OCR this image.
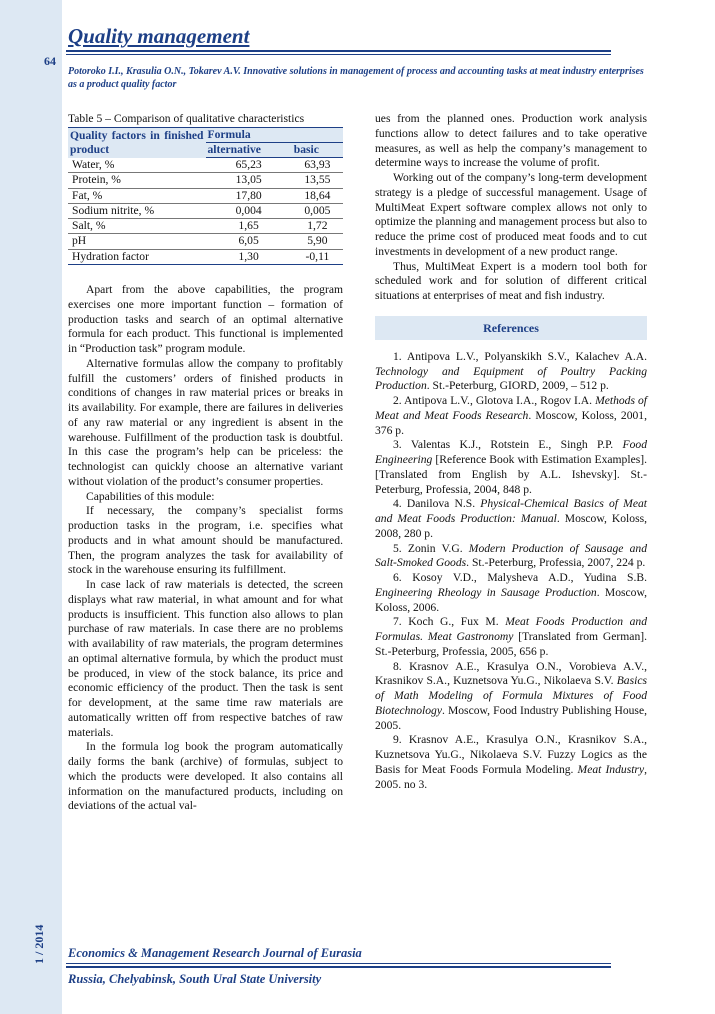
64
1 / 2014
Quality management
Potoroko I.I., Krasulia O.N., Tokarev A.V. Innovative solutions in management of process and accounting tasks at meat industry enterprises as a product quality factor

Table 5 – Comparison of qualitative characteristics

Quality factors in finished product	Formula	
	alternative	basic
Water, %	65,23	63,93
Protein, %	13,05	13,55
Fat, %	17,80	18,64
Sodium nitrite, %	0,004	0,005
Salt, %	1,65	1,72
pH	6,05	5,90
Hydration factor	1,30	-0,11

Apart from the above capabilities, the program exercises one more important function – formation of production tasks and search of an optimal alternative formula for each product. This functional is implemented in “Production task” program module.

Alternative formulas allow the company to profitably fulfill the customers’ orders of finished products in conditions of changes in raw material prices or breaks in its availability. For example, there are failures in deliveries of any raw material or any ingredient is absent in the warehouse. Fulfillment of the production task is doubtful. In this case the program’s help can be priceless: the technologist can quickly choose an alternative variant without violation of the product’s consumer properties.

Capabilities of this module:

If necessary, the company’s specialist forms production tasks in the program, i.e. specifies what products and in what amount should be manufactured. Then, the program analyzes the task for availability of stock in the warehouse ensuring its fulfillment.

In case lack of raw materials is detected, the screen displays what raw material, in what amount and for what products is insufficient. This function also allows to plan purchase of raw materials. In case there are no problems with availability of raw materials, the program determines an optimal alternative formula, by which the product must be produced, in view of the stock balance, its price and economic efficiency of the product. Then the task is sent for development, at the same time raw materials are automatically written off from respective batches of raw materials.

In the formula log book the program automatically daily forms the bank (archive) of formulas, subject to which the products were developed. It also contains all information on the manufactured products, including on deviations of the actual val-

ues from the planned ones. Production work analysis functions allow to detect failures and to take operative measures, as well as help the company’s management to determine ways to increase the volume of profit.

Working out of the company’s long-term development strategy is a pledge of successful management. Usage of MultiMeat Expert software complex allows not only to optimize the planning and management process but also to reduce the prime cost of produced meat foods and to cut investments in development of a new product range.

Thus, MultiMeat Expert is a modern tool both for scheduled work and for solution of different critical situations at enterprises of meat and fish industry.

References

1. Antipova L.V., Polyanskikh S.V., Kalachev A.A. Technology and Equipment of Poultry Packing Production. St.-Peterburg, GIORD, 2009, – 512 p.

2. Antipova L.V., Glotova I.A., Rogov I.A. Methods of Meat and Meat Foods Research. Moscow, Koloss, 2001, 376 p.

3. Valentas K.J., Rotstein E., Singh P.P. Food Engineering [Reference Book with Estimation Examples]. [Translated from English by A.L. Ishevsky]. St.-Peterburg, Professia, 2004, 848 p.

4. Danilova N.S. Physical-Chemical Basics of Meat and Meat Foods Production: Manual. Moscow, Koloss, 2008, 280 p.

5. Zonin V.G. Modern Production of Sausage and Salt-Smoked Goods. St.-Peterburg, Professia, 2007, 224 p.

6. Kosoy V.D., Malysheva A.D., Yudina S.B. Engineering Rheology in Sausage Production. Moscow, Koloss, 2006.

7. Koch G., Fux M. Meat Foods Production and Formulas. Meat Gastronomy [Translated from German]. St.-Peterburg, Professia, 2005, 656 p.

8. Krasnov A.E., Krasulya O.N., Vorobieva A.V., Krasnikov S.A., Kuznetsova Yu.G., Nikolaeva S.V. Basics of Math Modeling of Formula Mixtures of Food Biotechnology. Moscow, Food Industry Publishing House, 2005.

9. Krasnov A.E., Krasulya O.N., Krasnikov S.A., Kuznetsova Yu.G., Nikolaeva S.V. Fuzzy Logics as the Basis for Meat Foods Formula Modeling. Meat Industry, 2005. no 3.

Economics & Management Research Journal of Eurasia
Russia, Chelyabinsk, South Ural State University
